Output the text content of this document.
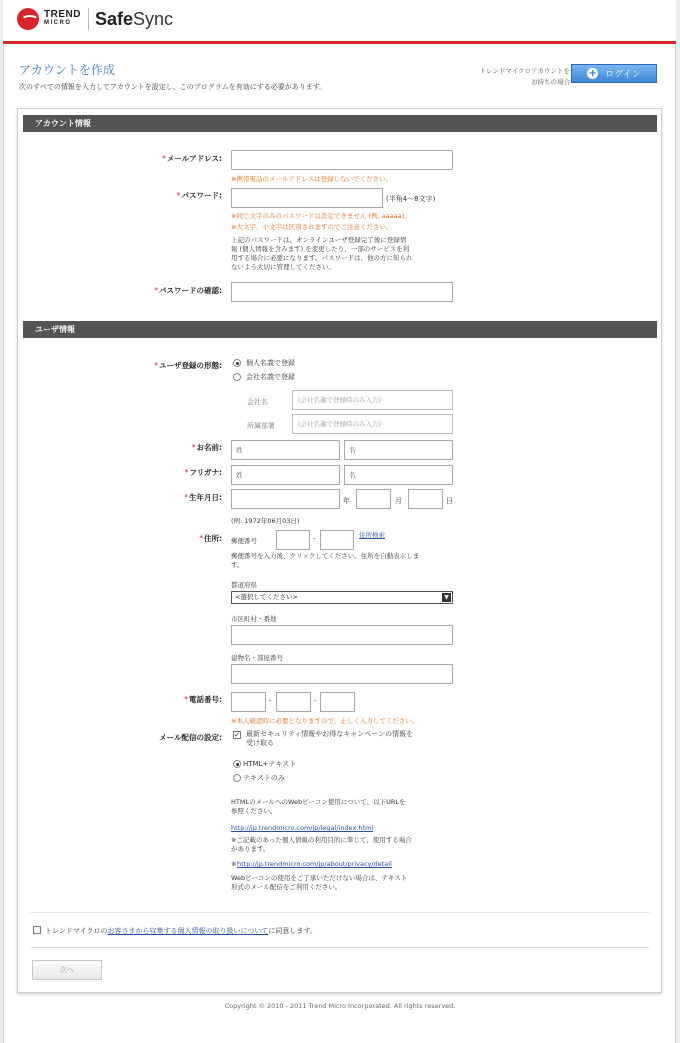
TREND
MICRO	SafeSync
アカウントを作成
次のすべての情報を入力してアカウントを設定し、このプログラムを有効にする必要があります。
トレンドマイクロアカウントを
お持ちの場合
+ ログイン
アカウント情報
*メールアドレス:
※携帯電話のメールアドレスは登録しないでください。
*パスワード:	(半角4〜8文字)
※同じ文字のみのパスワードは設定できません (例: aaaaa)。
※大文字、小文字は区別されますのでご注意ください。
上記のパスワードは、オンラインユーザ登録完了後に登録情
報 (個人情報を含みます) を変更したり、一部のサービスを利
用する場合に必要になります。パスワードは、他の方に知られ
ないよう大切に管理してください。
*パスワードの確認:
ユーザ情報
*ユーザ登録の形態:	個人名義で登録
会社名義で登録
会社名	(会社名義で登録時のみ入力)
所属部署	(会社名義で登録時のみ入力)
*お名前:	姓	名
*フリガナ:	姓	名
*生年月日:	年	月	日
(例: 1972年06月03日)
*住所: 郵便番号	-	住所検索
郵便番号を入力後、クリックしてください。住所を自動表示しま
す。
都道府県
<選択してください>	▼
市区町村・番地
建物名・部屋番号
*電話番号:	-	-
※本人確認時に必要となりますので、正しく入力してください。
メール配信の設定: ✓ 最新セキュリティ情報やお得なキャンペーンの情報を
受け取る
HTML+テキスト
テキストのみ
HTMLのメールへのWebビーコン使用について、以下URLを
参照ください。
http://jp.trendmicro.com/jp/legal/index.html
※ご記載のあった個人情報の利用目的に準じて、使用する場合
があります。
※ http://jp.trendmicro.com/jp/about/privacy/detail
Webビーコンの使用をご了承いただけない場合は、テキスト
形式のメール配信をご利用ください。
トレンドマイクロのお客さまから収集する個人情報の取り扱いについてに同意します。
次へ
Copyright © 2010 - 2011 Trend Micro Incorporated. All rights reserved.
